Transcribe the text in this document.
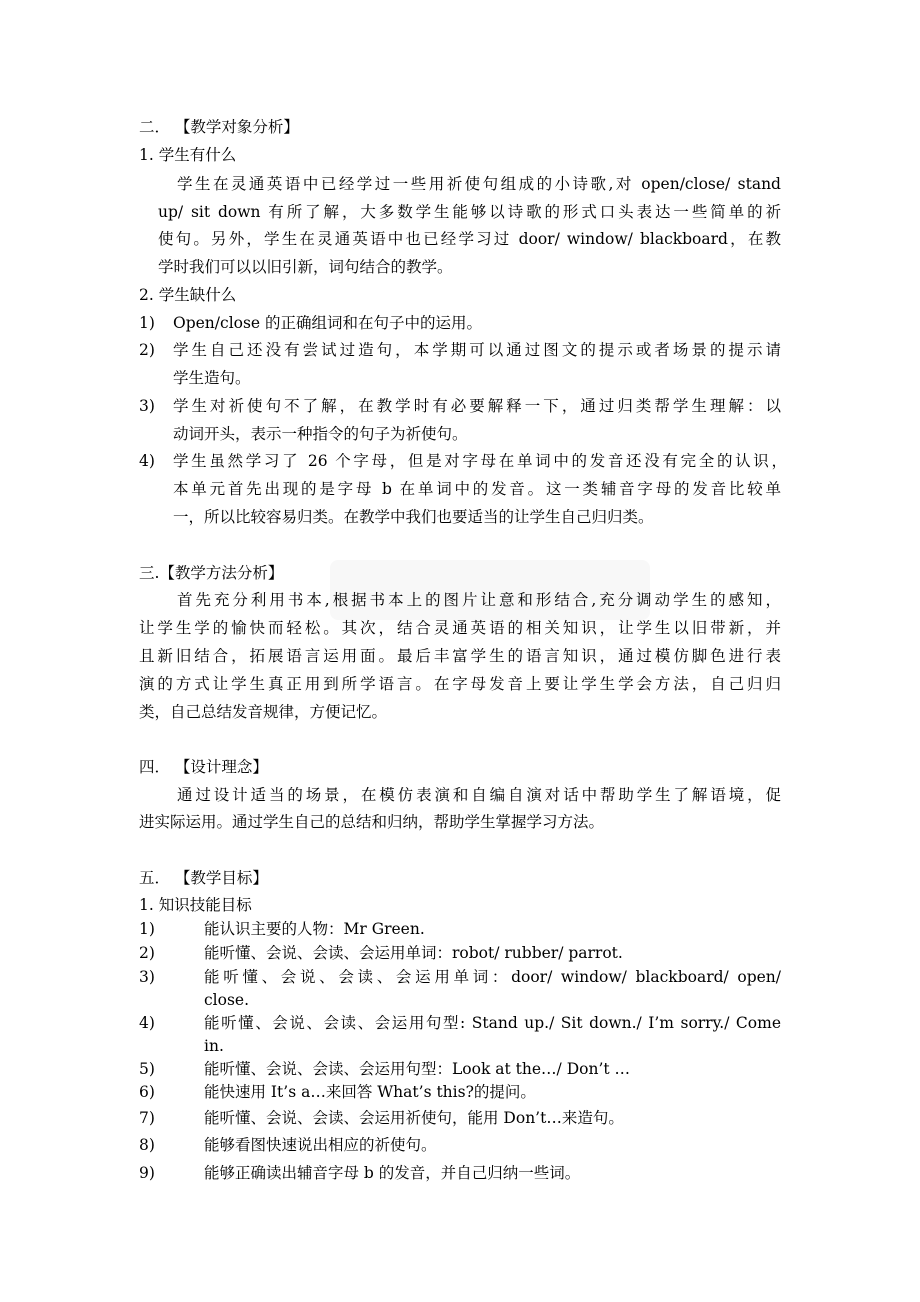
二． 【教学对象分析】
1. 学生有什么
学生在灵通英语中已经学过一些用祈使句组成的小诗歌,对 open/close/ stand
up/ sit down 有所了解，大多数学生能够以诗歌的形式口头表达一些简单的祈
使句。另外，学生在灵通英语中也已经学习过 door/ window/ blackboard，在教
学时我们可以以旧引新，词句结合的教学。
2. 学生缺什么
1) Open/close 的正确组词和在句子中的运用。
2) 学生自己还没有尝试过造句，本学期可以通过图文的提示或者场景的提示请
学生造句。
3) 学生对祈使句不了解，在教学时有必要解释一下，通过归类帮学生理解：以
动词开头，表示一种指令的句子为祈使句。
4) 学生虽然学习了 26 个字母，但是对字母在单词中的发音还没有完全的认识，
本单元首先出现的是字母 b 在单词中的发音。这一类辅音字母的发音比较单
一，所以比较容易归类。在教学中我们也要适当的让学生自己归归类。
三.【教学方法分析】
首先充分利用书本,根据书本上的图片让意和形结合,充分调动学生的感知，
让学生学的愉快而轻松。其次，结合灵通英语的相关知识，让学生以旧带新，并
且新旧结合，拓展语言运用面。最后丰富学生的语言知识，通过模仿脚色进行表
演的方式让学生真正用到所学语言。在字母发音上要让学生学会方法，自己归归
类，自己总结发音规律，方便记忆。
四． 【设计理念】
通过设计适当的场景，在模仿表演和自编自演对话中帮助学生了解语境，促
进实际运用。通过学生自己的总结和归纳，帮助学生掌握学习方法。
五． 【教学目标】
1. 知识技能目标
1)	能认识主要的人物：Mr Green.
2)	能听懂、会说、会读、会运用单词：robot/ rubber/ parrot.
3)	能听懂、会说、会读、会运用单词：door/ window/ blackboard/ open/
close.
4)	能听懂、会说、会读、会运用句型: Stand up./ Sit down./ I’m sorry./ Come
in.
5)	能听懂、会说、会读、会运用句型：Look at the…/ Don’t …
6)	能快速用 It’s a…来回答 What’s this?的提问。
7)	能听懂、会说、会读、会运用祈使句，能用 Don’t…来造句。
8)	能够看图快速说出相应的祈使句。
9)	能够正确读出辅音字母 b 的发音，并自己归纳一些词。
